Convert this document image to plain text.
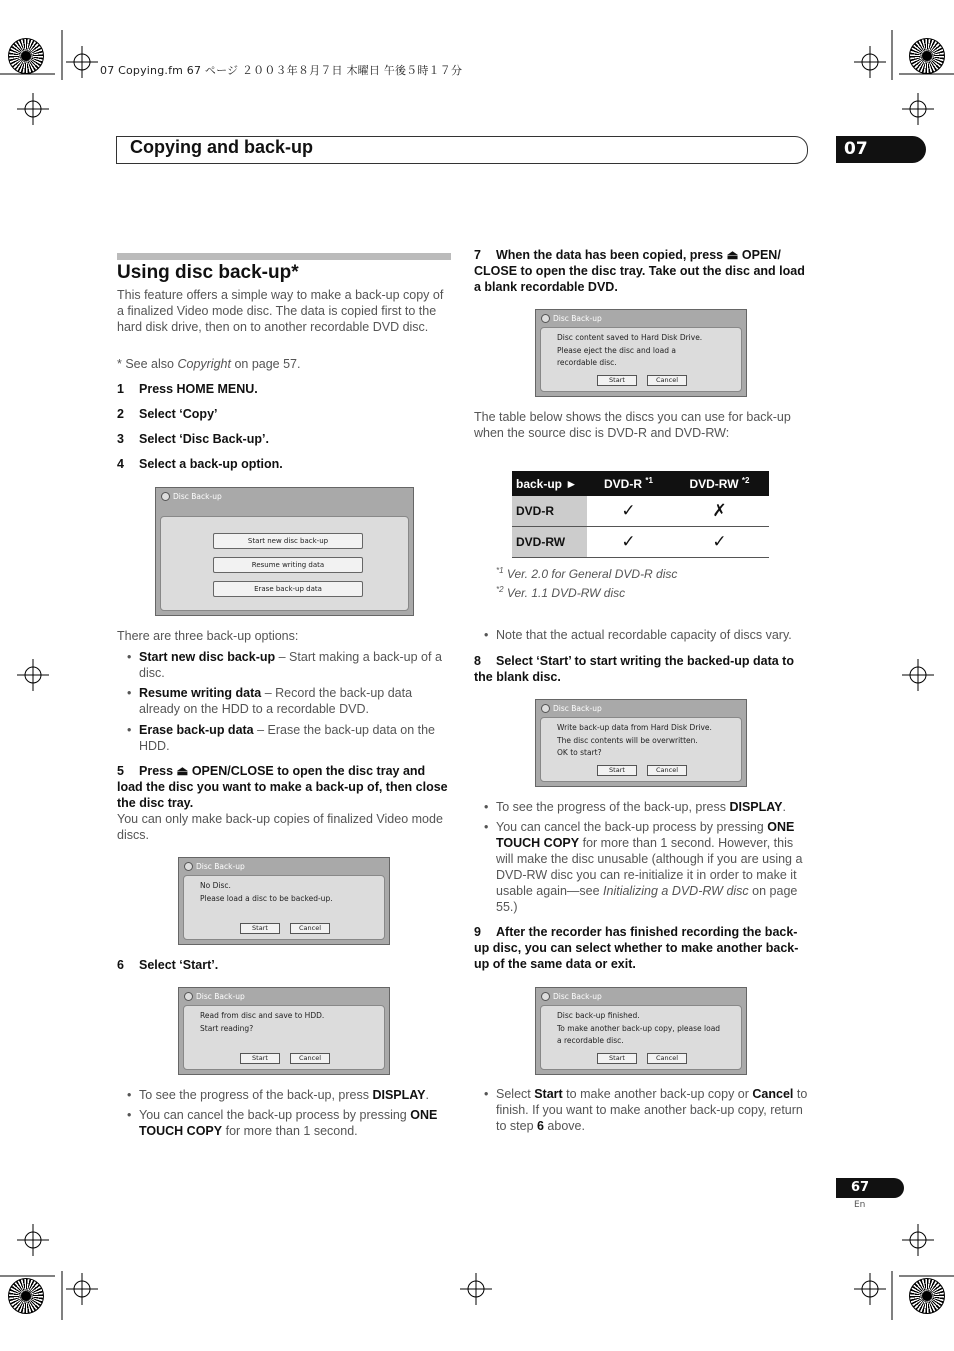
07 Copying.fm 67 ページ ２００３年８月７日 木曜日 午後５時１７分
Copying and back-up	07
Using disc back-up*
This feature offers a simple way to make a back-up copy of a finalized Video mode disc. The data is copied first to the hard disk drive, then on to another recordable DVD disc.
* See also Copyright on page 57.
1 Press HOME MENU.
2 Select ‘Copy’
3 Select ‘Disc Back-up’.
4 Select a back-up option.
Disc Back-up
Start new disc back-up
Resume writing data
Erase back-up data
There are three back-up options:
• Start new disc back-up – Start making a back-up of a disc.
• Resume writing data – Record the back-up data already on the HDD to a recordable DVD.
• Erase back-up data – Erase the back-up data on the HDD.
5 Press ⏏ OPEN/CLOSE to open the disc tray and load the disc you want to make a back-up of, then close the disc tray.
You can only make back-up copies of finalized Video mode discs.
Disc Back-up
No Disc.
Please load a disc to be backed-up.
Start	Cancel
6 Select ‘Start’.
Disc Back-up
Read from disc and save to HDD.
Start reading?
Start	Cancel
• To see the progress of the back-up, press DISPLAY.
• You can cancel the back-up process by pressing ONE TOUCH COPY for more than 1 second.
7 When the data has been copied, press ⏏ OPEN/ CLOSE to open the disc tray. Take out the disc and load a blank recordable DVD.
Disc Back-up
Disc content saved to Hard Disk Drive.
Please eject the disc and load a
recordable disc.
Start	Cancel
The table below shows the discs you can use for back-up when the source disc is DVD-R and DVD-RW:
back-up ►	DVD-R $^{*1}$	DVD-RW $^{*2}$
DVD-R	✓	✗
DVD-RW	✓	✓
$^{*1}$ Ver. 2.0 for General DVD-R disc
$^{*2}$ Ver. 1.1 DVD-RW disc
• Note that the actual recordable capacity of discs vary.
8 Select ‘Start’ to start writing the backed-up data to the blank disc.
Disc Back-up
Write back-up data from Hard Disk Drive.
The disc contents will be overwritten.
OK to start?
Start	Cancel
• To see the progress of the back-up, press DISPLAY.
• You can cancel the back-up process by pressing ONE TOUCH COPY for more than 1 second. However, this will make the disc unusable (although if you are using a DVD-RW disc you can re-initialize it in order to make it usable again—see Initializing a DVD-RW disc on page 55.)
9 After the recorder has finished recording the back-up disc, you can select whether to make another back-up of the same data or exit.
Disc Back-up
Disc back-up finished.
To make another back-up copy, please load
a recordable disc.
Start	Cancel
• Select Start to make another back-up copy or Cancel to finish. If you want to make another back-up copy, return to step 6 above.
67
En
